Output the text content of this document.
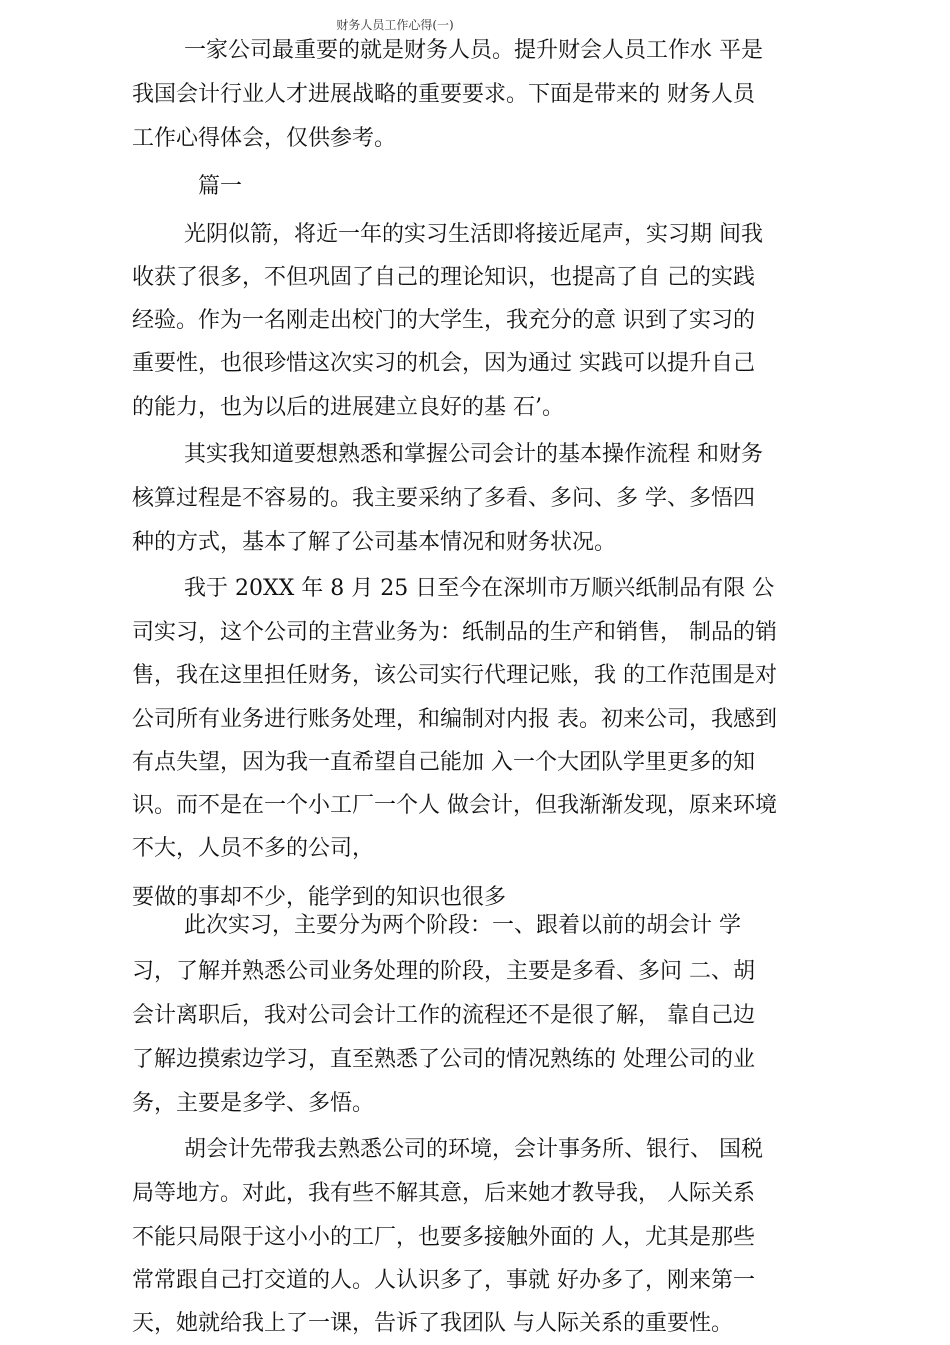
财务人员工作心得(一)
一家公司最重要的就是财务人员。提升财会人员工作水 平是
我国会计行业人才进展战略的重要要求。下面是带来的 财务人员
工作心得体会，仅供参考。
篇一
光阴似箭，将近一年的实习生活即将接近尾声，实习期 间我
收获了很多，不但巩固了自己的理论知识，也提高了自 己的实践
经验。作为一名刚走出校门的大学生，我充分的意 识到了实习的
重要性，也很珍惜这次实习的机会，因为通过 实践可以提升自己
的能力，也为以后的进展建立良好的基 石’。
其实我知道要想熟悉和掌握公司会计的基本操作流程 和财务
核算过程是不容易的。我主要采纳了多看、多问、多 学、多悟四
种的方式，基本了解了公司基本情况和财务状况。
我于 20XX 年 8 月 25 日至今在深圳市万顺兴纸制品有限 公
司实习，这个公司的主营业务为：纸制品的生产和销售， 制品的销
售，我在这里担任财务，该公司实行代理记账，我 的工作范围是对
公司所有业务进行账务处理，和编制对内报 表。初来公司，我感到
有点失望，因为我一直希望自己能加 入一个大团队学里更多的知
识。而不是在一个小工厂一个人 做会计，但我渐渐发现，原来环境
不大，人员不多的公司，
要做的事却不少，能学到的知识也很多
此次实习，主要分为两个阶段：一、跟着以前的胡会计 学
习，了解并熟悉公司业务处理的阶段，主要是多看、多问 二、胡
会计离职后，我对公司会计工作的流程还不是很了解， 靠自己边
了解边摸索边学习，直至熟悉了公司的情况熟练的 处理公司的业
务，主要是多学、多悟。
胡会计先带我去熟悉公司的环境，会计事务所、银行、 国税
局等地方。对此，我有些不解其意，后来她才教导我， 人际关系
不能只局限于这小小的工厂，也要多接触外面的 人，尤其是那些
常常跟自己打交道的人。人认识多了，事就 好办多了，刚来第一
天，她就给我上了一课，告诉了我团队 与人际关系的重要性。
